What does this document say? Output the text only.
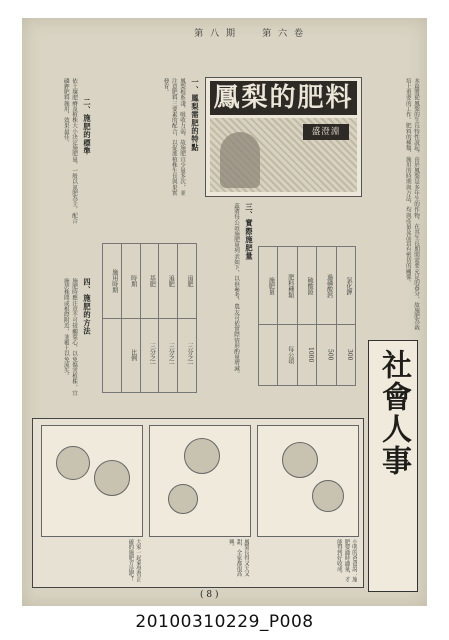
第 六 卷
第 八 期
本篇將從鳳梨的生長特性說起，由於鳳梨是多年生的作物，在其生長期間需要充足的養分，故施肥為栽培上重要的工作。肥料的種類、施用的時期與方法，均與產量及品質有密切的關係。
鳳梨的肥料
盛澄淵
一、鳳梨需肥的特點
鳳梨根系淺，吸收力弱，故施肥宜少量多次，並注意肥料三要素的配合，以促進植株生長與果實發育。
二、施肥的標準
依土壤肥瘠及植株大小決定施肥量，一般以氮肥為主，配合磷鉀肥料施用，效果最佳。
三、實際施肥量
茲將每公頃施肥量列表如下，以供參考，農友可依實際情形酌量增減。	施肥量	肥料種類	硫酸錏	過磷酸鈣	氯化鉀
	每公頃	1000	500	300
四、施肥的方法
施肥時應注意不可接觸葉心，以免傷害植株，宜施於株間或根際附近，並覆土以免流失。	施用時期	時期	基肥	追肥	追肥
	比例	三分之一	三分之一	三分之一
小明的爸爸說：施肥要適時適量，才能得到好收成。
鳳梨長得又大又甜，全家都很高興。
大家一起來學習正確的施肥方法吧！
社會人事
( 8 )
20100310229_P008
